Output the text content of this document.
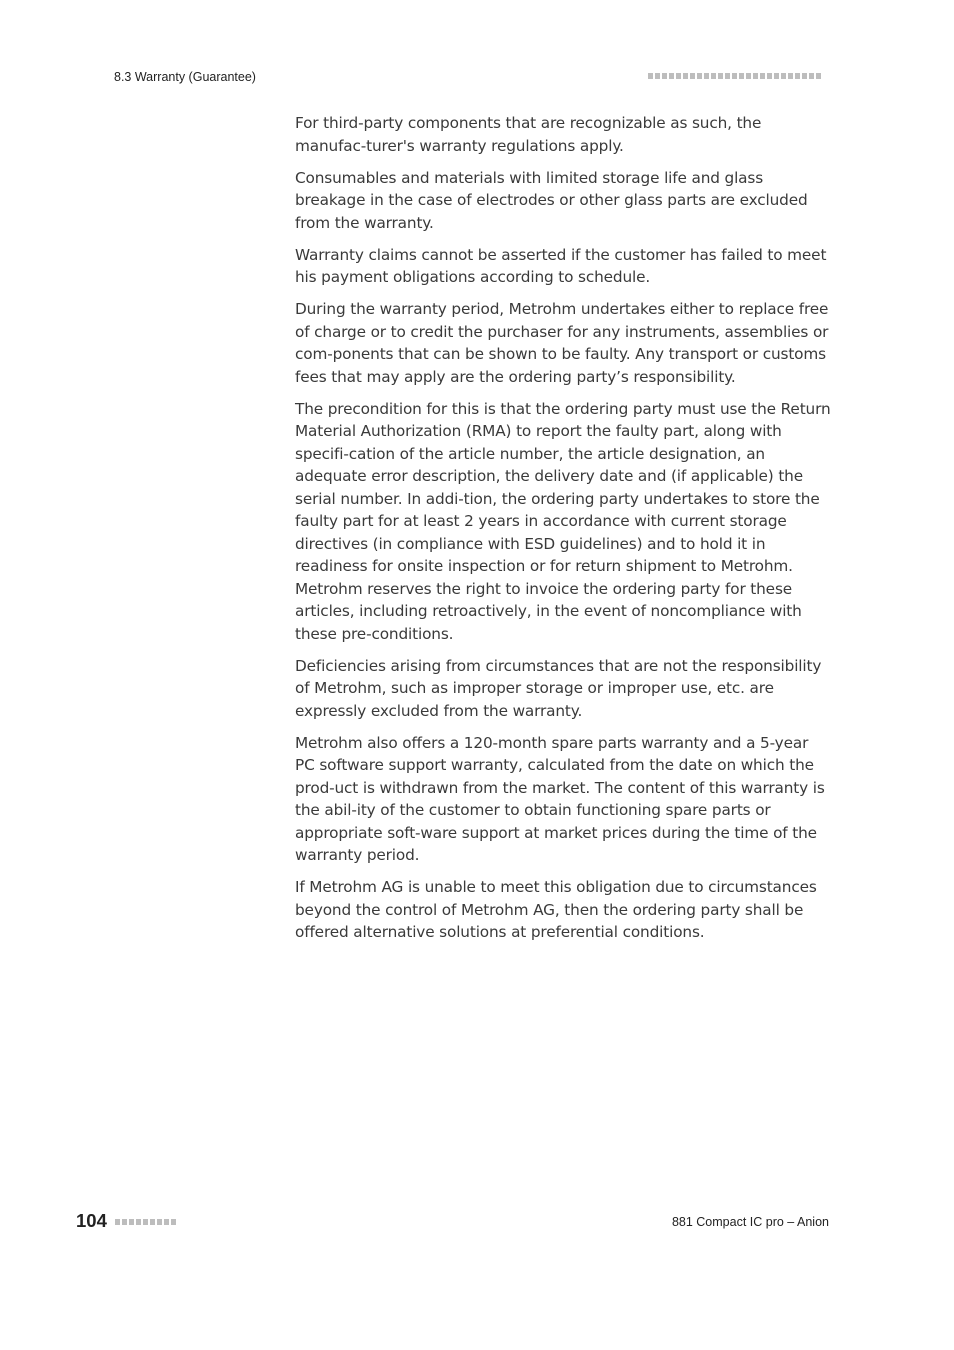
8.3 Warranty (Guarantee)

For third-party components that are recognizable as such, the manufac-turer's warranty regulations apply.

Consumables and materials with limited storage life and glass breakage in the case of electrodes or other glass parts are excluded from the warranty.

Warranty claims cannot be asserted if the customer has failed to meet his payment obligations according to schedule.

During the warranty period, Metrohm undertakes either to replace free of charge or to credit the purchaser for any instruments, assemblies or com-ponents that can be shown to be faulty. Any transport or customs fees that may apply are the ordering party’s responsibility.

The precondition for this is that the ordering party must use the Return Material Authorization (RMA) to report the faulty part, along with specifi-cation of the article number, the article designation, an adequate error description, the delivery date and (if applicable) the serial number. In addi-tion, the ordering party undertakes to store the faulty part for at least 2 years in accordance with current storage directives (in compliance with ESD guidelines) and to hold it in readiness for onsite inspection or for return shipment to Metrohm. Metrohm reserves the right to invoice the ordering party for these articles, including retroactively, in the event of noncompliance with these pre-conditions.

Deficiencies arising from circumstances that are not the responsibility of Metrohm, such as improper storage or improper use, etc. are expressly excluded from the warranty.

Metrohm also offers a 120-month spare parts warranty and a 5-year PC software support warranty, calculated from the date on which the prod-uct is withdrawn from the market. The content of this warranty is the abil-ity of the customer to obtain functioning spare parts or appropriate soft-ware support at market prices during the time of the warranty period.

If Metrohm AG is unable to meet this obligation due to circumstances beyond the control of Metrohm AG, then the ordering party shall be offered alternative solutions at preferential conditions.

104	881 Compact IC pro – Anion
